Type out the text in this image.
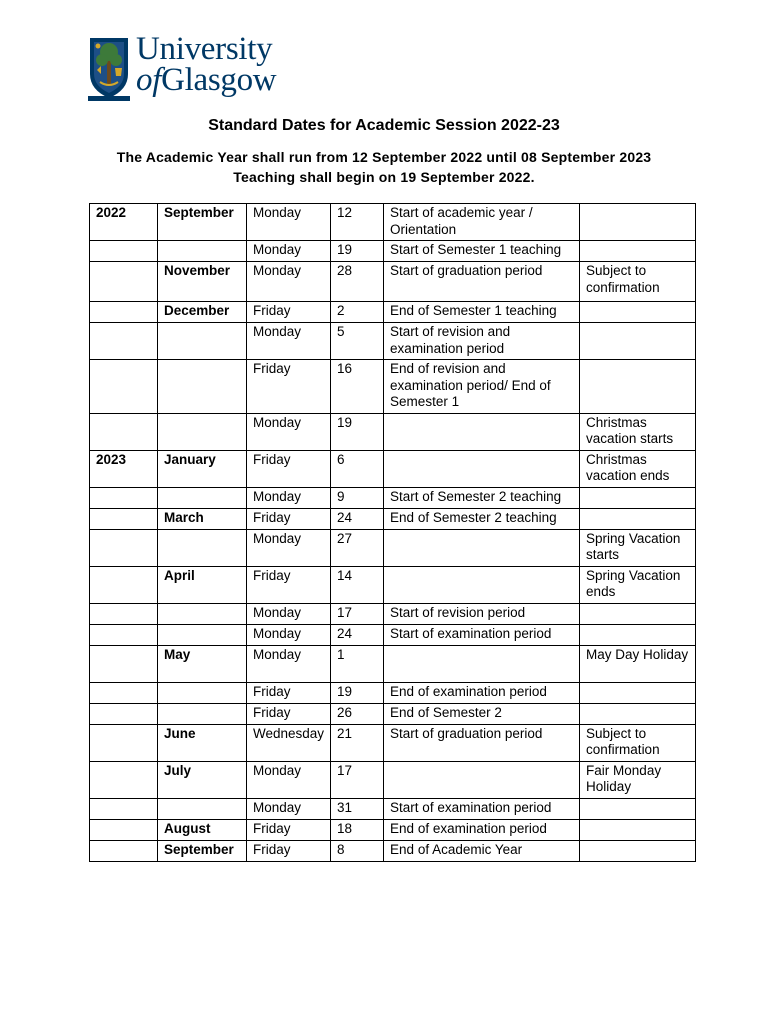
University
ofGlasgow
Standard Dates for Academic Session 2022-23
The Academic Year shall run from 12 September 2022 until 08 September 2023
Teaching shall begin on 19 September 2022.
2022	September	Monday	12	Start of academic year / Orientation	
		Monday	19	Start of Semester 1 teaching	
	November	Monday	28	Start of graduation period	Subject to confirmation
	December	Friday	2	End of Semester 1 teaching	
		Monday	5	Start of revision and examination period	
		Friday	16	End of revision and examination period/ End of Semester 1	
		Monday	19		Christmas vacation starts
2023	January	Friday	6		Christmas vacation ends
		Monday	9	Start of Semester 2 teaching	
	March	Friday	24	End of Semester 2 teaching	
		Monday	27		Spring Vacation starts
	April	Friday	14		Spring Vacation ends
		Monday	17	Start of revision period	
		Monday	24	Start of examination period	
	May	Monday	1		May Day Holiday
		Friday	19	End of examination period	
		Friday	26	End of Semester 2	
	June	Wednesday	21	Start of graduation period	Subject to confirmation
	July	Monday	17		Fair Monday Holiday
		Monday	31	Start of examination period	
	August	Friday	18	End of examination period	
	September	Friday	8	End of Academic Year	
